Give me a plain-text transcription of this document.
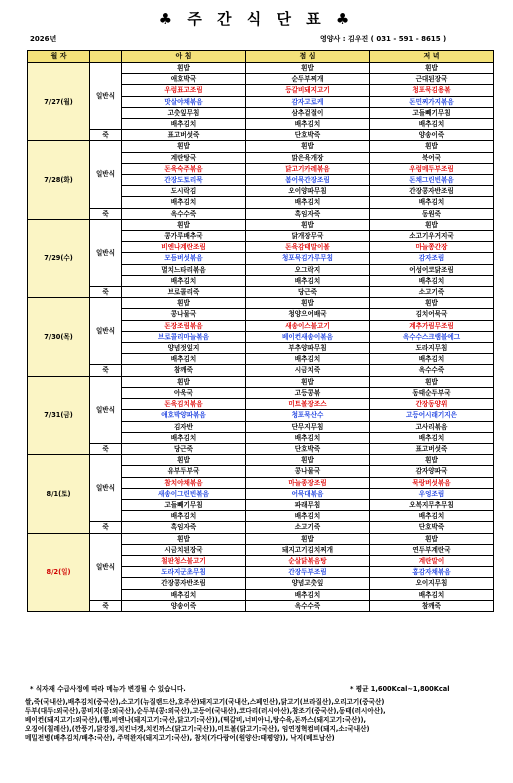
♣ 주 간 식 단 표 ♣
2026년	영양사 : 김우진 ( 031 - 591 - 8615 )
월 자		아 침	점 심	저 녁
7/27(월)	일반식	흰밥	흰밥	흰밥
		애호박국	순두부찌개	근대된장국
		우렁표고조림	등갈비돼지고기	청포묵김용볶
		맛살야채볶음	감자고로케	돈민찌가지볶음
		고춧잎무침	삼추겉절이	고들빼기무침
		배추김치	배추김치	배추김치
	죽	표고버섯죽	단호박죽	양송이죽
7/28(화)	일반식	흰밥	흰밥	흰밥
		계란탕국	맑은육개장	북어국
		돈육숙주볶음	닭고기카레볶음	우렁메두부조림
		간장도토리묵	봄어묵간장조림	돈채그린빈볶음
		도시락김	오이양파무침	간장콩자반조림
		배추김치	배추김치	배추김치
	죽	옥수수죽	흑임자죽	동원죽
7/29(수)	일반식	흰밥	흰밥	흰밥
		콩가루배추국	닭개장무국	소고기우거지국
		비엔나계란조림	돈육감태말이볼	마늘쫑간장
		모듬버섯볶음	청포묵김가루무침	감자조림
		멸치느타리볶음	오그락지	어성어코닭조림
		배추김치	배추김치	배추김치
	죽	브로콜리죽	당근죽	소고기죽
7/30(목)	일반식	흰밥	흰밥	흰밥
		콩나물국	청양으어배국	김치어묵국
		돈장조림볶음	새송이스불고기	계추가림무조림
		브로콜리마늘볶음	베이컨새송이볶음	옥수수스크램블에그
		양념젓잎지	부추양파무침	도라지무침
		배추김치	배추김치	배추김치
	죽	참깨죽	시금치죽	옥수수죽
7/31(금)	일반식	흰밥	흰밥	흰밥
		아욱국	고등콩볶	동태순두부국
		돈육김치볶음	미트볼장조스	간장동양위
		애호박양파볶음	청포묵산수	고등어시래기지은
		김자반	단무지무침	고사리볶음
		배추김치	배추김치	배추김치
	죽	당근죽	단호박죽	표고버섯죽
8/1(토)	일반식	흰밥	흰밥	흰밥
		유부두부국	콩나물국	감자양파국
		참치야채볶음	마늘종장조림	묵랑버섯볶음
		새송이그린빈볶음	어묵대볶음	우엉조림
		고들빼기무침	파래무침	오복지무추무침
		배추김치	배추김치	배추김치
	죽	흑임자죽	소고기죽	단호박죽
8/2(일)	일반식	흰밥	흰밥	흰밥
		시금치된장국	돼지고기김치찌개	연두부계란국
		철판청스불고기	순살닭볶음탕	계란말이
		도라지군초무침	간장두부조림	홍감자채볶음
		간장콩자반조림	양념고춧잎	오이지무침
		배추김치	배추김치	배추김치
	죽	양송이죽	옥수수죽	참깨죽
* 식자재 수급사정에 따라 메뉴가 변경될 수 있습니다.	* 평균 1,600Kcal~1,800Kcal
쌀,죽(국내산),배추김치(중국산),소고기(뉴질랜드산,호주산)돼지고기(국내산,스페인산),닭고기(브라질산),오리고기(중국산)
두부(대두:외국산),콩비지(콩:외국산),순두부(콩:외국산),고등어(국내산),코다리(러시아산),참조기(중국산),동태(러시아산),
베이컨(돼지고기:외국산),(햄,비엔나(돼지고기:국산,닭고기:국산)),(떡갈비,너비아니,탕수육,돈까스(돼지고기:국산)),
오징어(칠레산),(깐풍기,닭강정,치킨너겟,치킨까스(닭고기:국산)),미트볼(닭고기:국산), 임연정혁컴비(돼지,소:국내산)
메밀전병(배추김치/배추:국산), 주먹완자(돼지고기:국산), 참치(가다랑어(원양산:태평양)), 낙지(베트남산)
